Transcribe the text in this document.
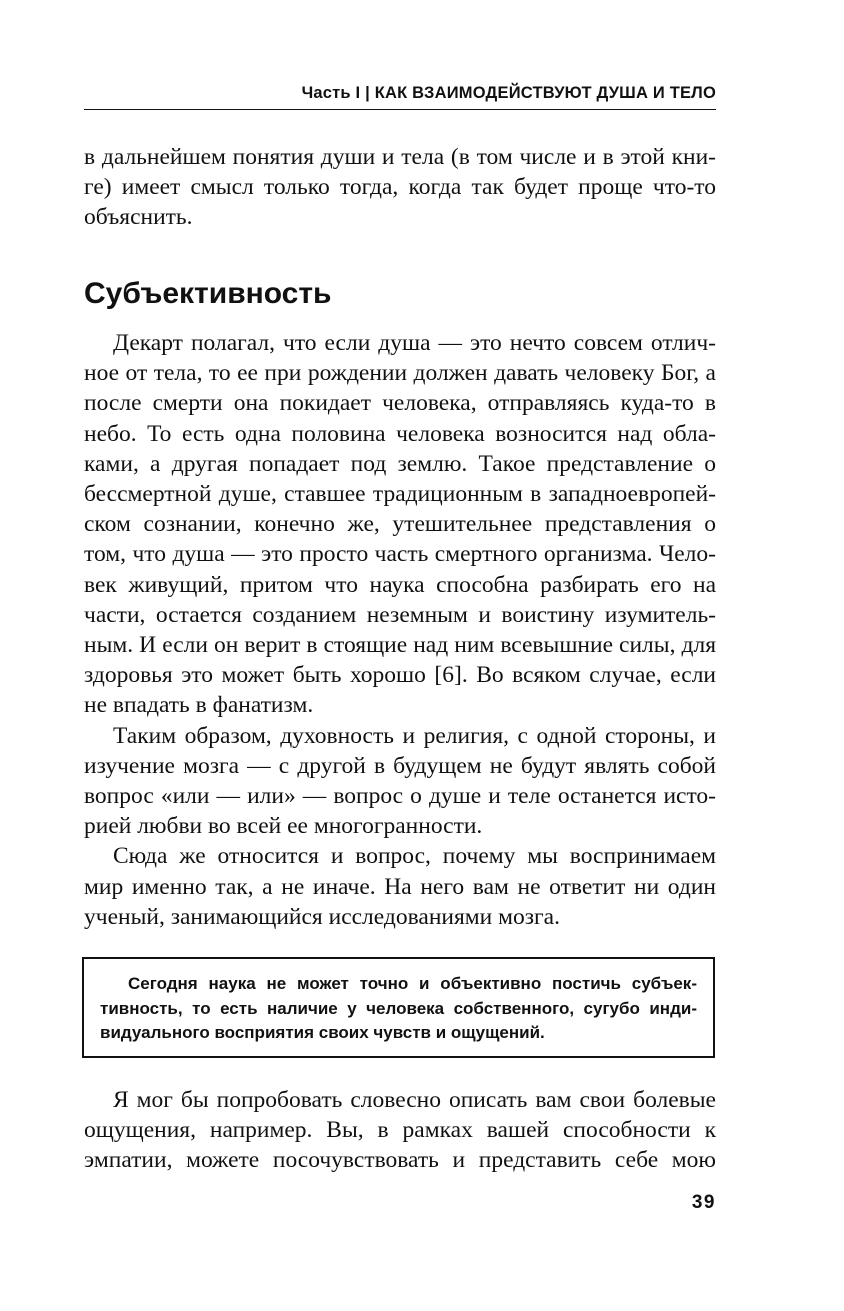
Часть I | КАК ВЗАИМОДЕЙСТВУЮТ ДУША И ТЕЛО

в дальнейшем понятия души и тела (в том числе и в этой книге) имеет смысл только тогда, когда так будет проще что-то объяснить.

Субъективность

Декарт полагал, что если душа — это нечто совсем отличное от тела, то ее при рождении должен давать человеку Бог, а после смерти она покидает человека, отправляясь куда-то в небо. То есть одна половина человека возносится над облаками, а другая попадает под землю. Такое представление о бессмертной душе, ставшее традиционным в западноевропейском сознании, конечно же, утешительнее представления о том, что душа — это просто часть смертного организма. Человек живущий, притом что наука способна разбирать его на части, остается созданием неземным и воистину изумительным. И если он верит в стоящие над ним всевышние силы, для здоровья это может быть хорошо [6]. Во всяком случае, если не впадать в фанатизм.

Таким образом, духовность и религия, с одной стороны, и изучение мозга — с другой в будущем не будут являть собой вопрос «или — или» — вопрос о душе и теле останется историей любви во всей ее многогранности.

Сюда же относится и вопрос, почему мы воспринимаем мир именно так, а не иначе. На него вам не ответит ни один ученый, занимающийся исследованиями мозга.

Сегодня наука не может точно и объективно постичь субъективность, то есть наличие у человека собственного, сугубо индивидуального восприятия своих чувств и ощущений.

Я мог бы попробовать словесно описать вам свои болевые ощущения, например. Вы, в рамках вашей способности к эмпатии, можете посочувствовать и представить себе мою

39
